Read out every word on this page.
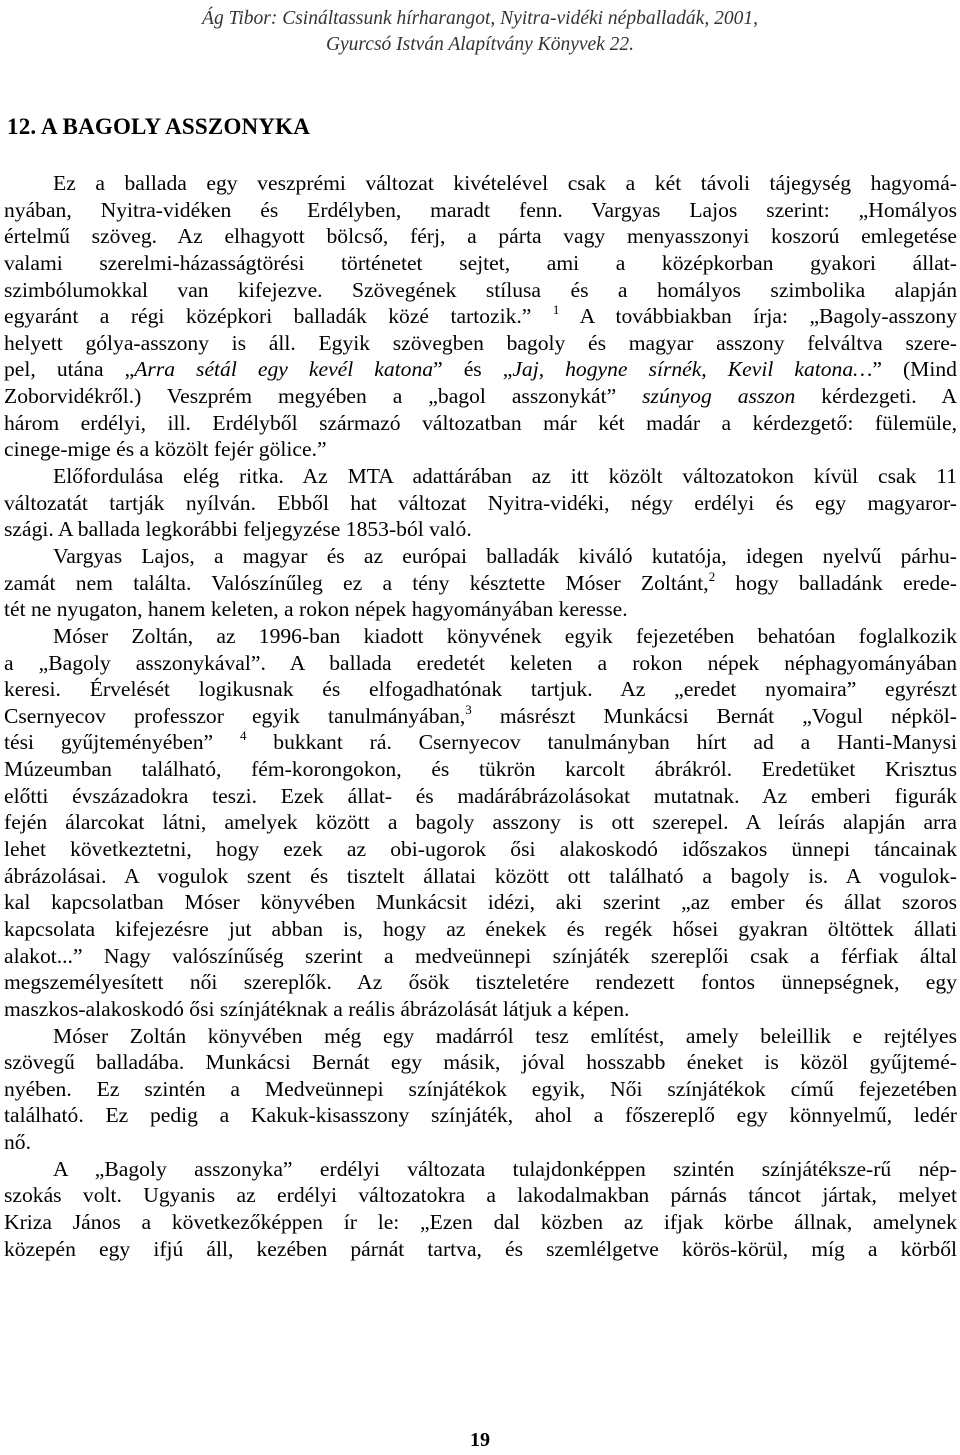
Ág Tibor: Csináltassunk hírharangot, Nyitra-vidéki népballadák, 2001,
Gyurcsó István Alapítvány Könyvek 22.
12. A BAGOLY ASSZONYKA
Ez a ballada egy veszprémi változat kivételével csak a két távoli tájegység hagyomá-
nyában, Nyitra-vidéken és Erdélyben, maradt fenn. Vargyas Lajos szerint: „Homályos
értelmű szöveg. Az elhagyott bölcső, férj, a párta vagy menyasszonyi koszorú emlegetése
valami szerelmi-házasságtörési történetet sejtet, ami a középkorban gyakori állat-
szimbólumokkal van kifejezve. Szövegének stílusa és a homályos szimbolika alapján
egyaránt a régi középkori balladák közé tartozik.” $^1$ A továbbiakban írja: „Bagoly-asszony
helyett gólya-asszony is áll. Egyik szövegben bagoly és magyar asszony felváltva szere-
pel, utána „Arra sétál egy kevél katona” és „Jaj, hogyne sírnék, Kevil katona…” (Mind
Zoborvidékről.) Veszprém megyében a „bagol asszonykát” szúnyog asszon kérdezgeti. A
három erdélyi, ill. Erdélyből származó változatban már két madár a kérdezgető: fülemüle,
cinege-mige és a közölt fejér gölice.”
Előfordulása elég ritka. Az MTA adattárában az itt közölt változatokon kívül csak 11
változatát tartják nyílván. Ebből hat változat Nyitra-vidéki, négy erdélyi és egy magyaror-
szági. A ballada legkorábbi feljegyzése 1853-ból való.
Vargyas Lajos, a magyar és az európai balladák kiváló kutatója, idegen nyelvű párhu-
zamát nem találta. Valószínűleg ez a tény késztette Móser Zoltánt,$^2$ hogy balladánk erede-
tét ne nyugaton, hanem keleten, a rokon népek hagyományában keresse.
Móser Zoltán, az 1996-ban kiadott könyvének egyik fejezetében behatóan foglalkozik
a „Bagoly asszonykával”. A ballada eredetét keleten a rokon népek néphagyományában
keresi. Érvelését logikusnak és elfogadhatónak tartjuk. Az „eredet nyomaira” egyrészt
Csernyecov professzor egyik tanulmányában,$^3$ másrészt Munkácsi Bernát „Vogul népköl-
tési gyűjteményében” $^4$ bukkant rá. Csernyecov tanulmányban hírt ad a Hanti-Manysi
Múzeumban található, fém-korongokon, és tükrön karcolt ábrákról. Eredetüket Krisztus
előtti évszázadokra teszi. Ezek állat- és madárábrázolásokat mutatnak. Az emberi figurák
fején álarcokat látni, amelyek között a bagoly asszony is ott szerepel. A leírás alapján arra
lehet következtetni, hogy ezek az obi-ugorok ősi alakoskodó időszakos ünnepi táncainak
ábrázolásai. A vogulok szent és tisztelt állatai között ott található a bagoly is. A vogulok-
kal kapcsolatban Móser könyvében Munkácsit idézi, aki szerint „az ember és állat szoros
kapcsolata kifejezésre jut abban is, hogy az énekek és regék hősei gyakran öltöttek állati
alakot...” Nagy valószínűség szerint a medveünnepi színjáték szereplői csak a férfiak által
megszemélyesített női szereplők. Az ősök tiszteletére rendezett fontos ünnepségnek, egy
maszkos-alakoskodó ősi színjátéknak a reális ábrázolását látjuk a képen.
Móser Zoltán könyvében még egy madárról tesz említést, amely beleillik e rejtélyes
szövegű balladába. Munkácsi Bernát egy másik, jóval hosszabb éneket is közöl gyűjtemé-
nyében. Ez szintén a Medveünnepi színjátékok egyik, Női színjátékok című fejezetében
található. Ez pedig a Kakuk-kisasszony színjáték, ahol a főszereplő egy könnyelmű, ledér
nő.
A „Bagoly asszonyka” erdélyi változata tulajdonképpen szintén színjátéksze-rű nép-
szokás volt. Ugyanis az erdélyi változatokra a lakodalmakban párnás táncot jártak, melyet
Kriza János a következőképpen ír le: „Ezen dal közben az ifjak körbe állnak, amelynek
közepén egy ifjú áll, kezében párnát tartva, és szemlélgetve körös-körül, míg a körből
19
